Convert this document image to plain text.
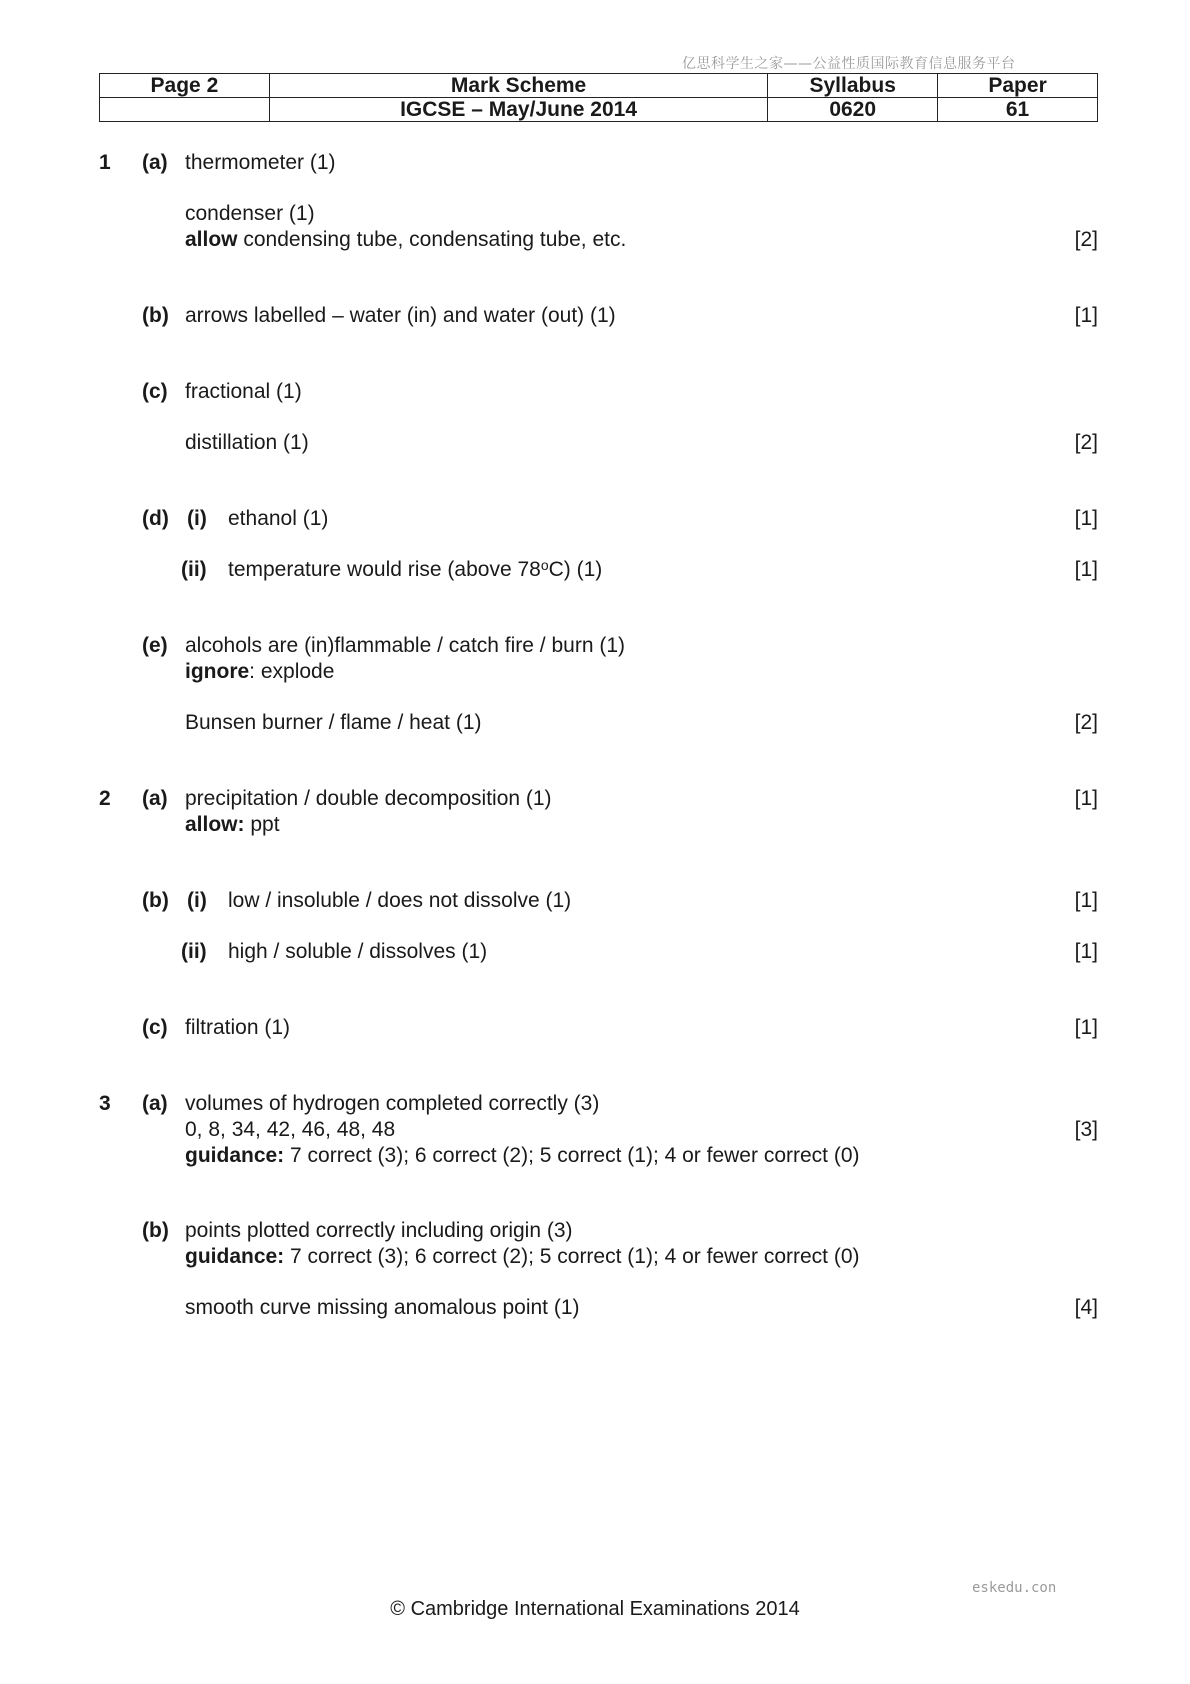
亿思科学生之家——公益性质国际教育信息服务平台
Page 2	Mark Scheme	Syllabus	Paper
	IGCSE – May/June 2014	0620	61
1 (a) thermometer (1)
condenser (1)
allow condensing tube, condensating tube, etc.	[2]
(b) arrows labelled – water (in) and water (out) (1)	[1]
(c) fractional (1)
distillation (1)	[2]
(d) (i) ethanol (1)	[1]
(ii) temperature would rise (above 78$^o$C) (1)	[1]
(e) alcohols are (in)flammable / catch fire / burn (1)
ignore: explode
Bunsen burner / flame / heat (1)	[2]
2 (a) precipitation / double decomposition (1)	[1]
allow: ppt
(b) (i) low / insoluble / does not dissolve (1)	[1]
(ii) high / soluble / dissolves (1)	[1]
(c) filtration (1)	[1]
3 (a) volumes of hydrogen completed correctly (3)
0, 8, 34, 42, 46, 48, 48	[3]
guidance: 7 correct (3); 6 correct (2); 5 correct (1); 4 or fewer correct (0)
(b) points plotted correctly including origin (3)
guidance: 7 correct (3); 6 correct (2); 5 correct (1); 4 or fewer correct (0)
smooth curve missing anomalous point (1)	[4]
eskedu.con
© Cambridge International Examinations 2014
